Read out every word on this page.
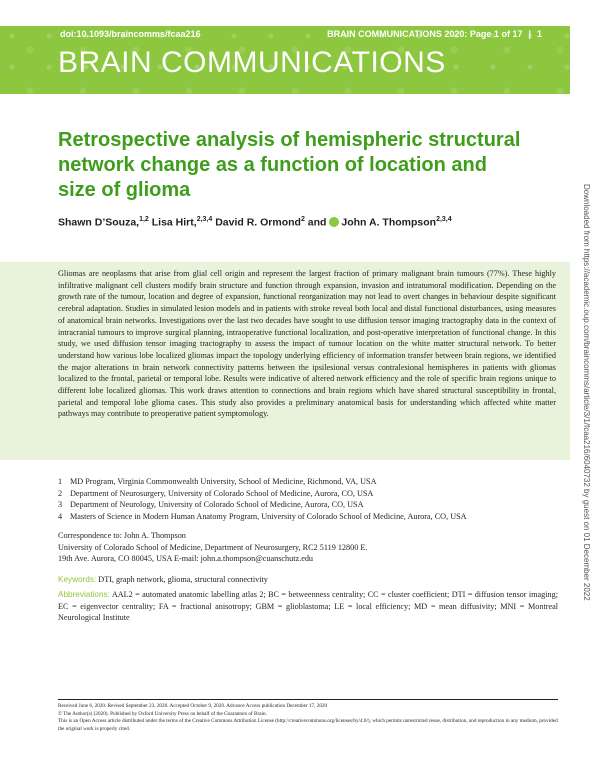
doi:10.1093/braincomms/fcaa216	BRAIN COMMUNICATIONS 2020: Page 1 of 17 | 1
BRAIN COMMUNICATIONS
Retrospective analysis of hemispheric structural network change as a function of location and size of glioma
Shawn D’Souza,$^{1,2}$ Lisa Hirt,$^{2,3,4}$ David R. Ormond$^2$ and John A. Thompson$^{2,3,4}$

Gliomas are neoplasms that arise from glial cell origin and represent the largest fraction of primary malignant brain tumours (77%). These highly infiltrative malignant cell clusters modify brain structure and function through expansion, invasion and intratumoral modification. Depending on the growth rate of the tumour, location and degree of expansion, functional reorganization may not lead to overt changes in behaviour despite significant cerebral adaptation. Studies in simulated lesion models and in patients with stroke reveal both local and distal functional disturbances, using measures of anatomical brain networks. Investigations over the last two decades have sought to use diffusion tensor imaging tractography data in the context of intracranial tumours to improve surgical planning, intraoperative functional localization, and post-operative interpretation of functional change. In this study, we used diffusion tensor imaging tractography to assess the impact of tumour location on the white matter structural network. To better understand how various lobe localized gliomas impact the topology underlying efficiency of information transfer between brain regions, we identified the major alterations in brain network connectivity patterns between the ipsilesional versus contralesional hemispheres in patients with gliomas localized to the frontal, parietal or temporal lobe. Results were indicative of altered network efficiency and the role of specific brain regions unique to different lobe localized gliomas. This work draws attention to connections and brain regions which have shared structural susceptibility in frontal, parietal and temporal lobe glioma cases. This study also provides a preliminary anatomical basis for understanding which affected white matter pathways may contribute to preoperative patient symptomology.

1 MD Program, Virginia Commonwealth University, School of Medicine, Richmond, VA, USA
2 Department of Neurosurgery, University of Colorado School of Medicine, Aurora, CO, USA
3 Department of Neurology, University of Colorado School of Medicine, Aurora, CO, USA
4 Masters of Science in Modern Human Anatomy Program, University of Colorado School of Medicine, Aurora, CO, USA
Correspondence to: John A. Thompson
University of Colorado School of Medicine, Department of Neurosurgery, RC2 5119 12800 E.
19th Ave. Aurora, CO 80045, USA E-mail: john.a.thompson@cuanschutz.edu
Keywords: DTI, graph network, glioma, structural connectivity
Abbreviations: AAL2 = automated anatomic labelling atlas 2; BC = betweenness centrality; CC = cluster coefficient; DTI = diffusion tensor imaging; EC = eigenvector centrality; FA = fractional anisotropy; GBM = glioblastoma; LE = local efficiency; MD = mean diffusivity; MNI = Montreal Neurological Institute
Received June 6, 2020. Revised September 23, 2020. Accepted October 9, 2020. Advance Access publication December 17, 2020
© The Author(s) (2020). Published by Oxford University Press on behalf of the Guarantors of Brain.
This is an Open Access article distributed under the terms of the Creative Commons Attribution License (http://creativecommons.org/licenses/by/4.0/), which permits unrestricted reuse, distribution, and reproduction in any medium, provided the original work is properly cited.
Downloaded from https://academic.oup.com/braincomms/article/3/1/fcaa216/6040732 by guest on 01 December 2022
